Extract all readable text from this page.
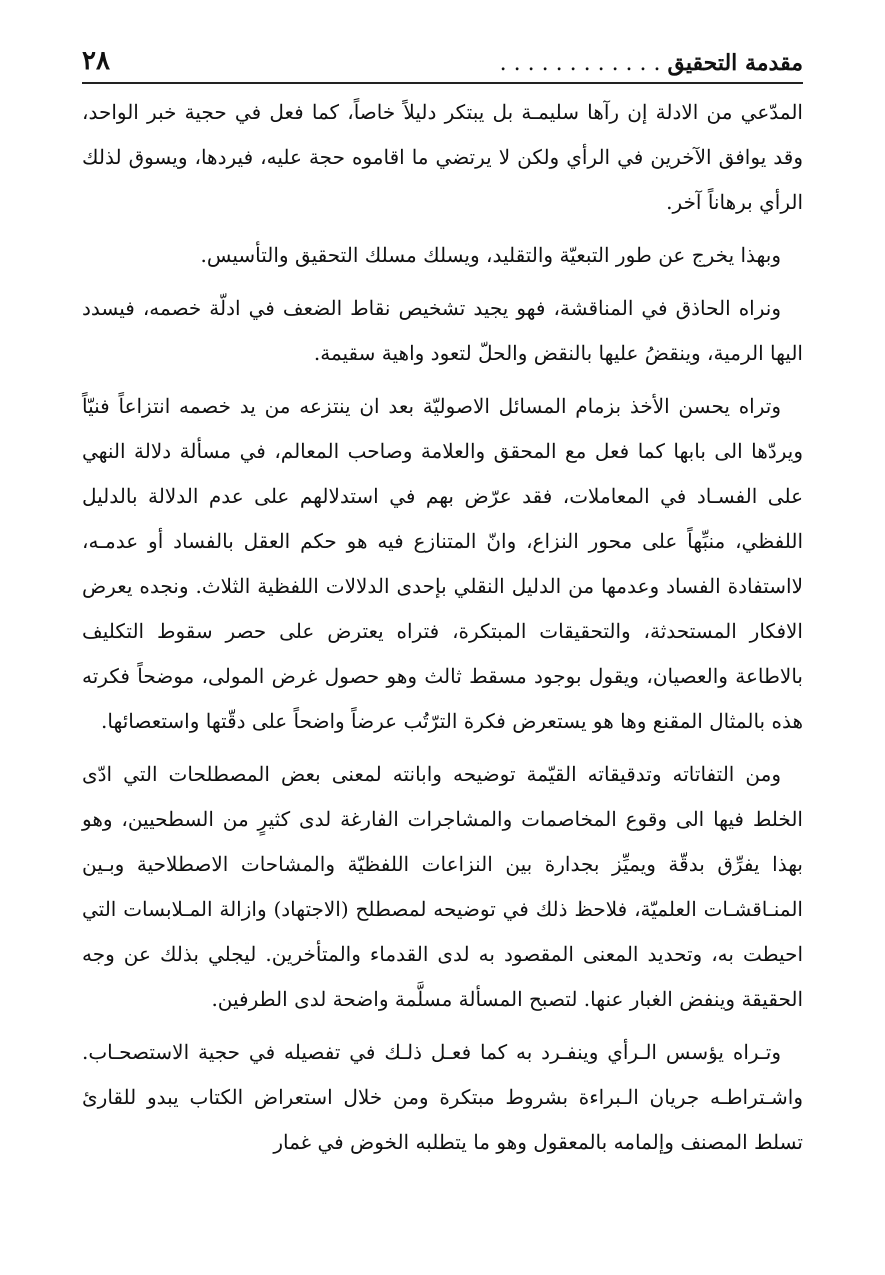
مقدمة التحقيق . . .
٢٨

المدّعي من الادلة إن رآها سليمـة بل يبتكر دليلاً خاصاً، كما فعل في حجية خبر الواحد، وقد يوافق الآخرين في الرأي ولكن لا يرتضي ما اقاموه حجة عليه، فيردها، ويسوق لذلك الرأي برهاناً آخر.

وبهذا يخرج عن طور التبعيّة والتقليد، ويسلك مسلك التحقيق والتأسيس.

ونراه الحاذق في المناقشة، فهو يجيد تشخيص نقاط الضعف في ادلّة خصمه، فيسدد اليها الرمية، وينقضُ عليها بالنقض والحلّ لتعود واهية سقيمة.

وتراه يحسن الأخذ بزمام المسائل الاصوليّة بعد ان ينتزعه من يد خصمه انتزاعاً فنيّاً ويردّها الى بابها كما فعل مع المحقق والعلامة وصاحب المعالم، في مسألة دلالة النهي على الفسـاد في المعاملات، فقد عرّض بهم في استدلالهم على عدم الدلالة بالدليل اللفظي، منبِّهاً على محور النزاع، وانّ المتنازع فيه هو حكم العقل بالفساد أو عدمـه، لااستفادة الفساد وعدمها من الدليل النقلي بإحدى الدلالات اللفظية الثلاث. ونجده يعرض الافكار المستحدثة، والتحقيقات المبتكرة، فتراه يعترض على حصر سقوط التكليف بالاطاعة والعصيان، ويقول بوجود مسقط ثالث وهو حصول غرض المولى، موضحاً فكرته هذه بالمثال المقنع وها هو يستعرض فكرة الترّتُب عرضاً واضحاً على دقّتها واستعصائها.

ومن التفاتاته وتدقيقاته القيّمة توضيحه وابانته لمعنى بعض المصطلحات التي ادّى الخلط فيها الى وقوع المخاصمات والمشاجرات الفارغة لدى كثيرٍ من السطحيين، وهو بهذا يفرِّق بدقّة ويميِّز بجدارة بين النزاعات اللفظيّة والمشاحات الاصطلاحية وبـين المنـاقشـات العلميّة، فلاحظ ذلك في توضيحه لمصطلح (الاجتهاد) وازالة المـلابسات التي احيطت به، وتحديد المعنى المقصود به لدى القدماء والمتأخرين. ليجلي بذلك عن وجه الحقيقة وينفض الغبار عنها. لتصبح المسألة مسلَّمة واضحة لدى الطرفين.

وتـراه يؤسس الـرأي وينفـرد به كما فعـل ذلـك في تفصيله في حجية الاستصحـاب. واشـتراطـه جريان الـبراءة بشروط مبتكرة ومن خلال استعراض الكتاب يبدو للقارئ تسلط المصنف وإلمامه بالمعقول وهو ما يتطلبه الخوض في غمار
